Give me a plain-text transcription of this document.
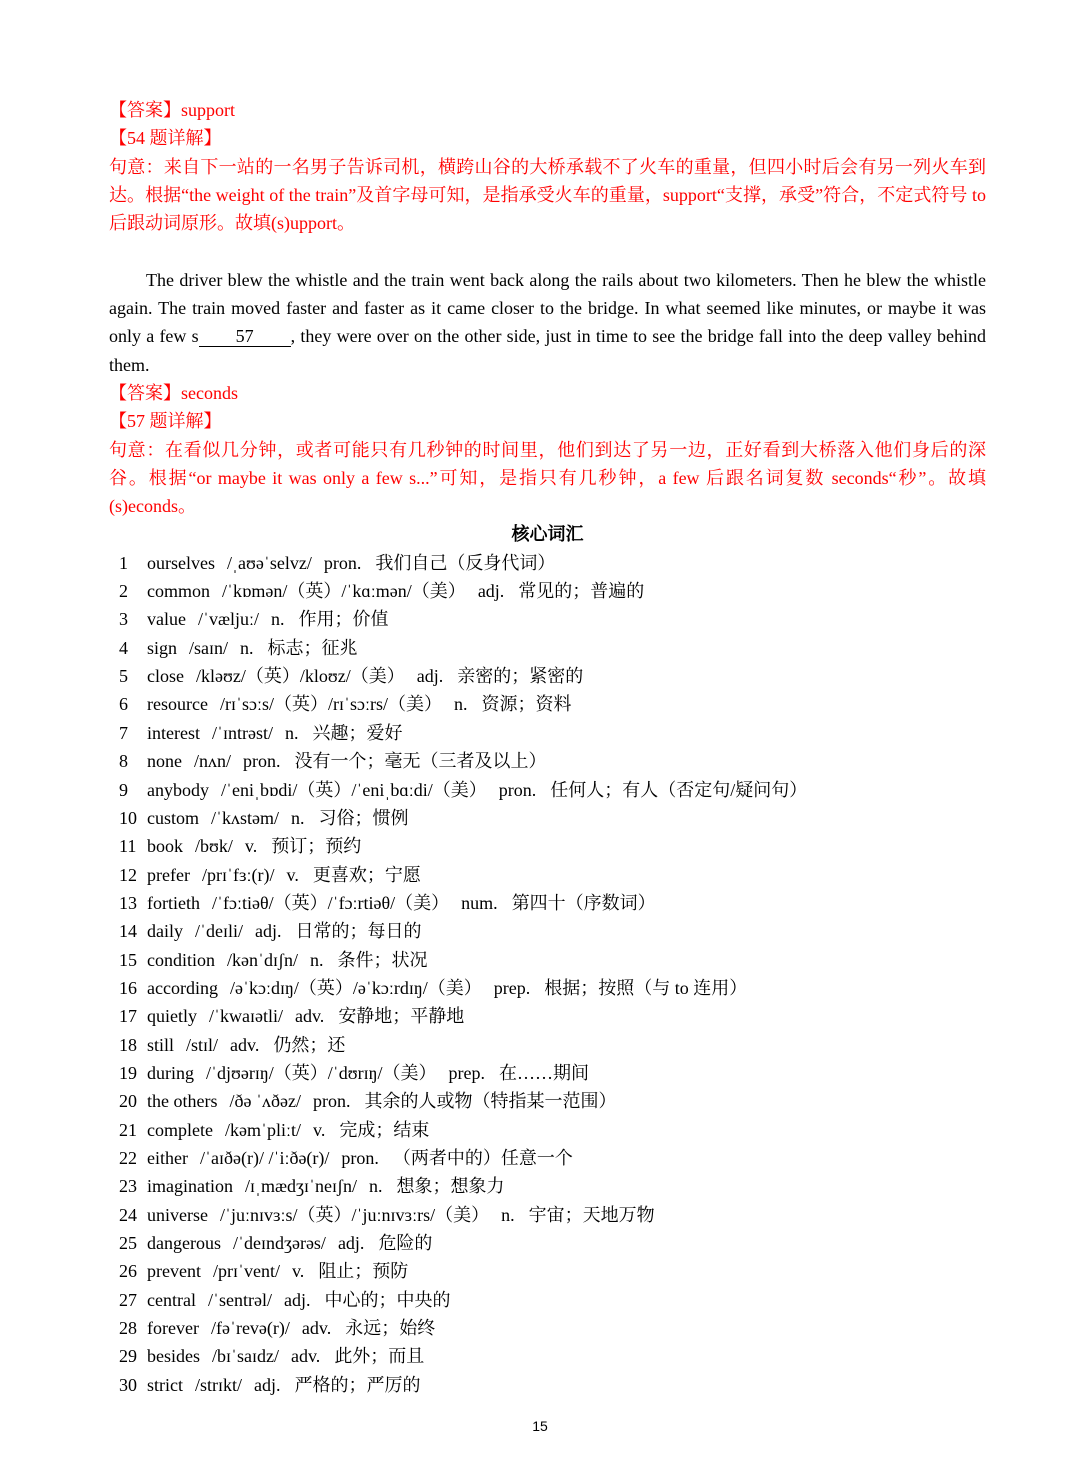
【答案】support
【54 题详解】

句意：来自下一站的一名男子告诉司机，横跨山谷的大桥承载不了火车的重量，但四小时后会有另一列火车到达。根据“the weight of the train”及首字母可知，是指承受火车的重量，support“支撑，承受”符合，不定式符号 to 后跟动词原形。故填(s)upport。

The driver blew the whistle and the train went back along the rails about two kilometers. Then he blew the whistle again. The train moved faster and faster as it came closer to the bridge. In what seemed like minutes, or maybe it was only a few s 57 , they were over on the other side, just in time to see the bridge fall into the deep valley behind them.

【答案】seconds
【57 题详解】

句意：在看似几分钟，或者可能只有几秒钟的时间里，他们到达了另一边，正好看到大桥落入他们身后的深谷。根据“or maybe it was only a few s...”可知，是指只有几秒钟，a few 后跟名词复数 seconds“秒”。故填(s)econds。

核心词汇
1 ourselves /ˌaʊəˈselvz/ pron. 我们自己（反身代词）
2 common /ˈkɒmən/（英）/ˈkɑːmən/（美） adj. 常见的；普遍的
3 value /ˈvæljuː/ n. 作用；价值
4 sign /saɪn/ n. 标志；征兆
5 close /kləʊz/（英）/kloʊz/（美） adj. 亲密的；紧密的
6 resource /rɪˈsɔːs/（英）/rɪˈsɔːrs/（美） n. 资源；资料
7 interest /ˈɪntrəst/ n. 兴趣；爱好
8 none /nʌn/ pron. 没有一个；毫无（三者及以上）
9 anybody /ˈeniˌbɒdi/（英）/ˈeniˌbɑːdi/（美） pron. 任何人；有人（否定句/疑问句）
10 custom /ˈkʌstəm/ n. 习俗；惯例
11 book /bʊk/ v. 预订；预约
12 prefer /prɪˈfɜː(r)/ v. 更喜欢；宁愿
13 fortieth /ˈfɔːtiəθ/（英）/ˈfɔːrtiəθ/（美） num. 第四十（序数词）
14 daily /ˈdeɪli/ adj. 日常的；每日的
15 condition /kənˈdɪʃn/ n. 条件；状况
16 according /əˈkɔːdɪŋ/（英）/əˈkɔːrdɪŋ/（美） prep. 根据；按照（与 to 连用）
17 quietly /ˈkwaɪətli/ adv. 安静地；平静地
18 still /stɪl/ adv. 仍然；还
19 during /ˈdjʊərɪŋ/（英）/ˈdʊrɪŋ/（美） prep. 在……期间
20 the others /ðə ˈʌðəz/ pron. 其余的人或物（特指某一范围）
21 complete /kəmˈpliːt/ v. 完成；结束
22 either /ˈaɪðə(r)/ /ˈiːðə(r)/ pron. （两者中的）任意一个
23 imagination /ɪˌmædʒɪˈneɪʃn/ n. 想象；想象力
24 universe /ˈjuːnɪvɜːs/（英）/ˈjuːnɪvɜːrs/（美） n. 宇宙；天地万物
25 dangerous /ˈdeɪndʒərəs/ adj. 危险的
26 prevent /prɪˈvent/ v. 阻止；预防
27 central /ˈsentrəl/ adj. 中心的；中央的
28 forever /fəˈrevə(r)/ adv. 永远；始终
29 besides /bɪˈsaɪdz/ adv. 此外；而且
30 strict /strɪkt/ adj. 严格的；严厉的
15
